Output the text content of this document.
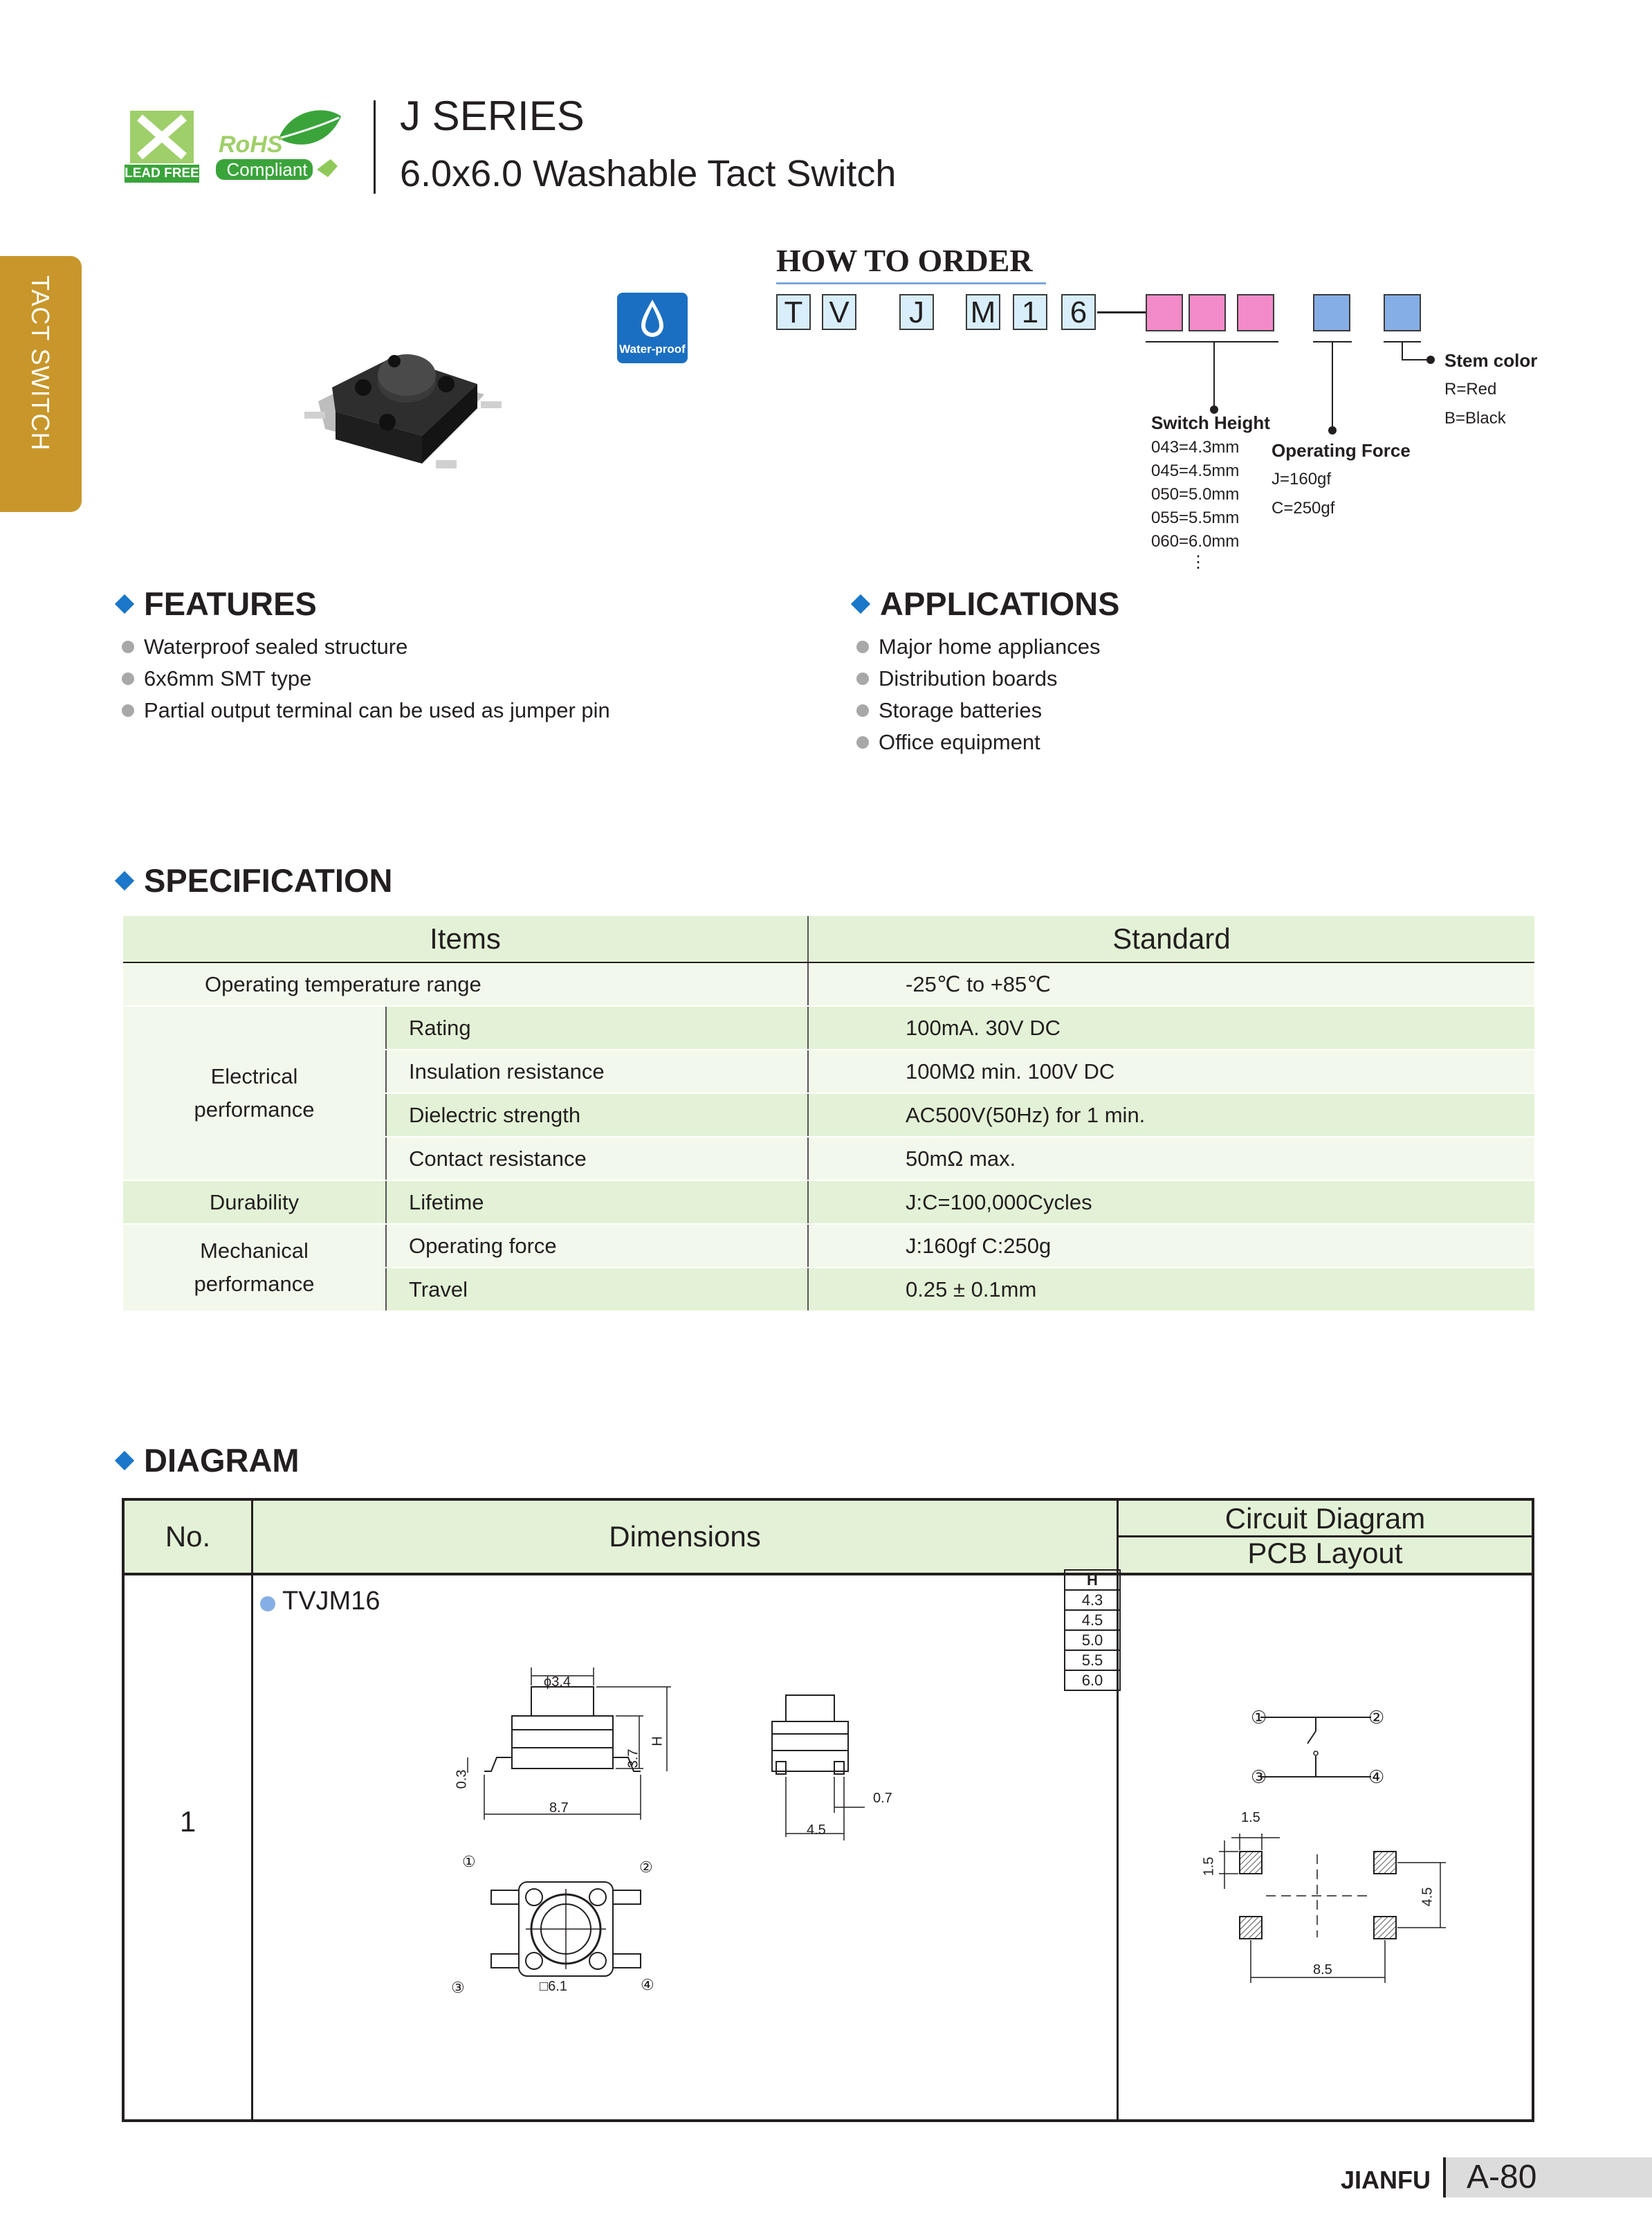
LEAD FREE
RoHS
Compliant
J SERIES
6.0x6.0 Washable Tact Switch
TACT SWITCH	Water-proof
HOW TO ORDER
T V	J	M 1 6
Stem color
R=Red
B=Black
Switch Height
043=4.3mm
045=4.5mm
050=5.0mm
055=5.5mm
060=6.0mm
⋮
Operating Force
J=160gf
C=250gf
FEATURES
Waterproof sealed structure
6x6mm SMT type
Partial output terminal can be used as jumper pin
APPLICATIONS
Major home appliances
Distribution boards
Storage batteries
Office equipment
SPECIFICATION
Items		Standard
Operating temperature range		-25℃ to +85℃
Electrical
performance	Rating	100mA. 30V DC
	Insulation resistance	100MΩ min. 100V DC
	Dielectric strength	AC500V(50Hz) for 1 min.
	Contact resistance	50mΩ max.
Durability	Lifetime	J:C=100,000Cycles
Mechanical
performance	Operating force	J:160gf C:250g
	Travel	0.25 ± 0.1mm
DIAGRAM
No.	Dimensions
Circuit Diagram
PCB Layout
1
TVJM16
H
4.3
4.5
5.0
5.5
6.0
ϕ3.4
3.7
H
0.3
8.7
0.7
4.5
①	②
③	④
□6.1
①	②
③	④
1.5
1.5
4.5
8.5
JIANFU	A-80
